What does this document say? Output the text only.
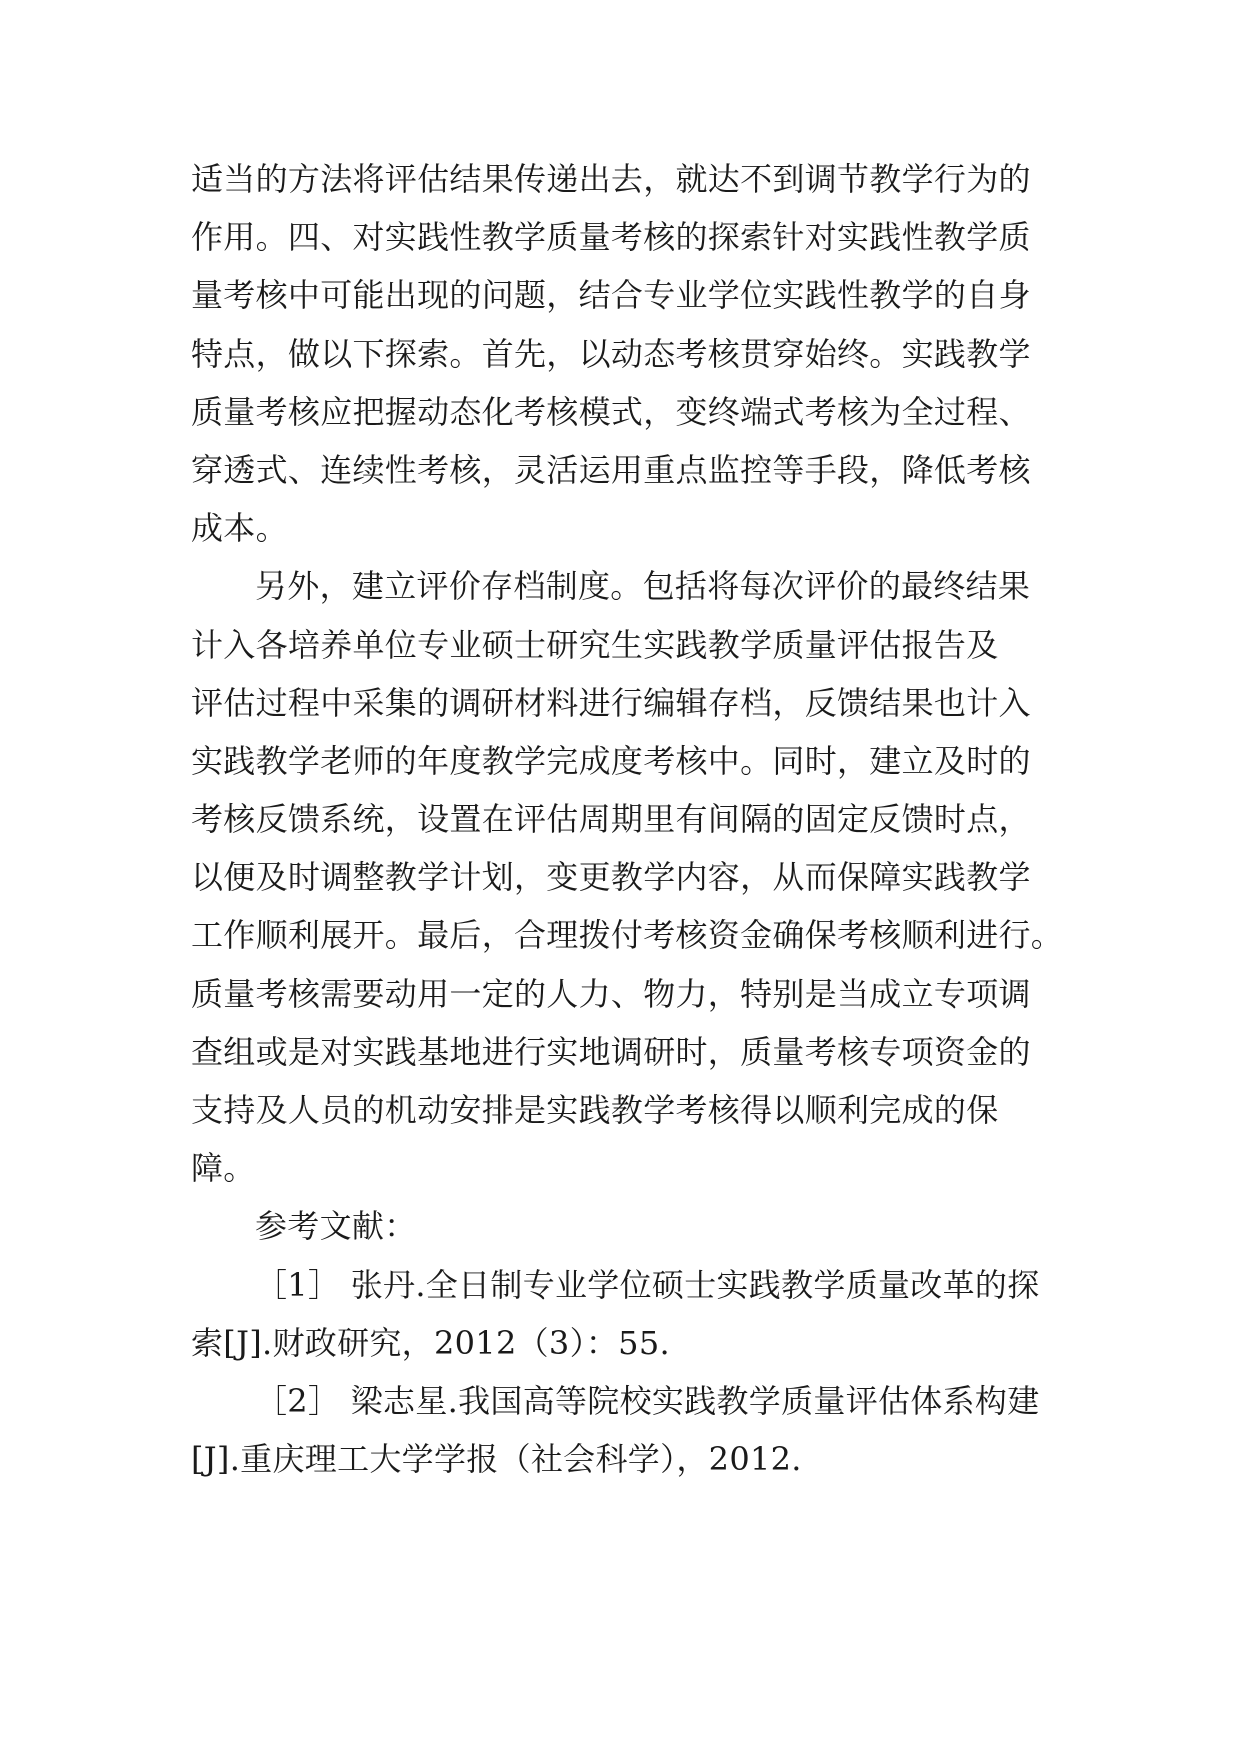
适当的方法将评估结果传递出去，就达不到调节教学行为的
作用。四、对实践性教学质量考核的探索针对实践性教学质
量考核中可能出现的问题，结合专业学位实践性教学的自身
特点，做以下探索。首先，以动态考核贯穿始终。实践教学
质量考核应把握动态化考核模式，变终端式考核为全过程、
穿透式、连续性考核，灵活运用重点监控等手段，降低考核
成本。
另外，建立评价存档制度。包括将每次评价的最终结果
计入各培养单位专业硕士研究生实践教学质量评估报告及
评估过程中采集的调研材料进行编辑存档，反馈结果也计入
实践教学老师的年度教学完成度考核中。同时，建立及时的
考核反馈系统，设置在评估周期里有间隔的固定反馈时点，
以便及时调整教学计划，变更教学内容，从而保障实践教学
工作顺利展开。最后，合理拨付考核资金确保考核顺利进行。
质量考核需要动用一定的人力、物力，特别是当成立专项调
查组或是对实践基地进行实地调研时，质量考核专项资金的
支持及人员的机动安排是实践教学考核得以顺利完成的保
障。
参考文献：
［1］ 张丹.全日制专业学位硕士实践教学质量改革的探
索[J].财政研究，2012（3）：55.
［2］ 梁志星.我国高等院校实践教学质量评估体系构建
[J].重庆理工大学学报（社会科学），2012.
